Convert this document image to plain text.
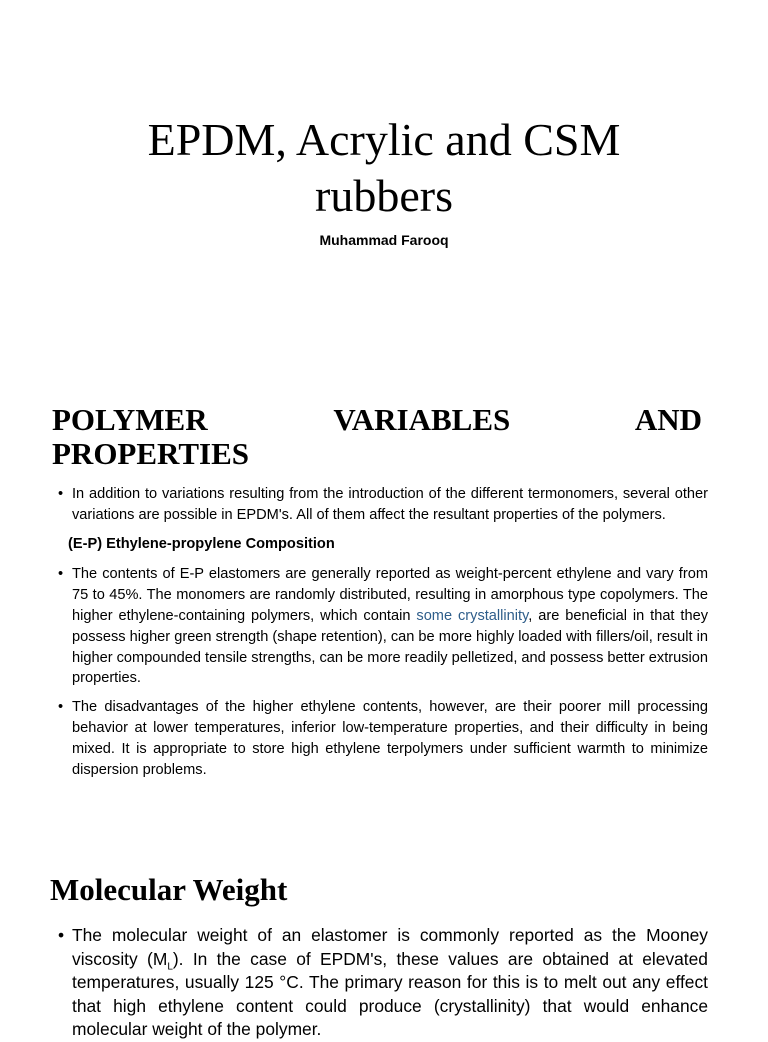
EPDM, Acrylic and CSM
rubbers

Muhammad Farooq

POLYMER VARIABLES AND
PROPERTIES
• In addition to variations resulting from the introduction of the different termonomers, several other variations are possible in EPDM's. All of them affect the resultant properties of the polymers.

(E-P) Ethylene-propylene Composition

• The contents of E-P elastomers are generally reported as weight-percent ethylene and vary from 75 to 45%. The monomers are randomly distributed, resulting in amorphous type copolymers. The higher ethylene-containing polymers, which contain some crystallinity, are beneficial in that they possess higher green strength (shape retention), can be more highly loaded with fillers/oil, result in higher compounded tensile strengths, can be more readily pelletized, and possess better extrusion properties.
• The disadvantages of the higher ethylene contents, however, are their poorer mill processing behavior at lower temperatures, inferior low-temperature properties, and their difficulty in being mixed. It is appropriate to store high ethylene terpolymers under sufficient warmth to minimize dispersion problems.
Molecular Weight
• The molecular weight of an elastomer is commonly reported as the Mooney viscosity $(M_L)$. In the case of EPDM's, these values are obtained at elevated temperatures, usually 125 °C. The primary reason for this is to melt out any effect that high ethylene content could produce (crystallinity) that would enhance molecular weight of the polymer.
